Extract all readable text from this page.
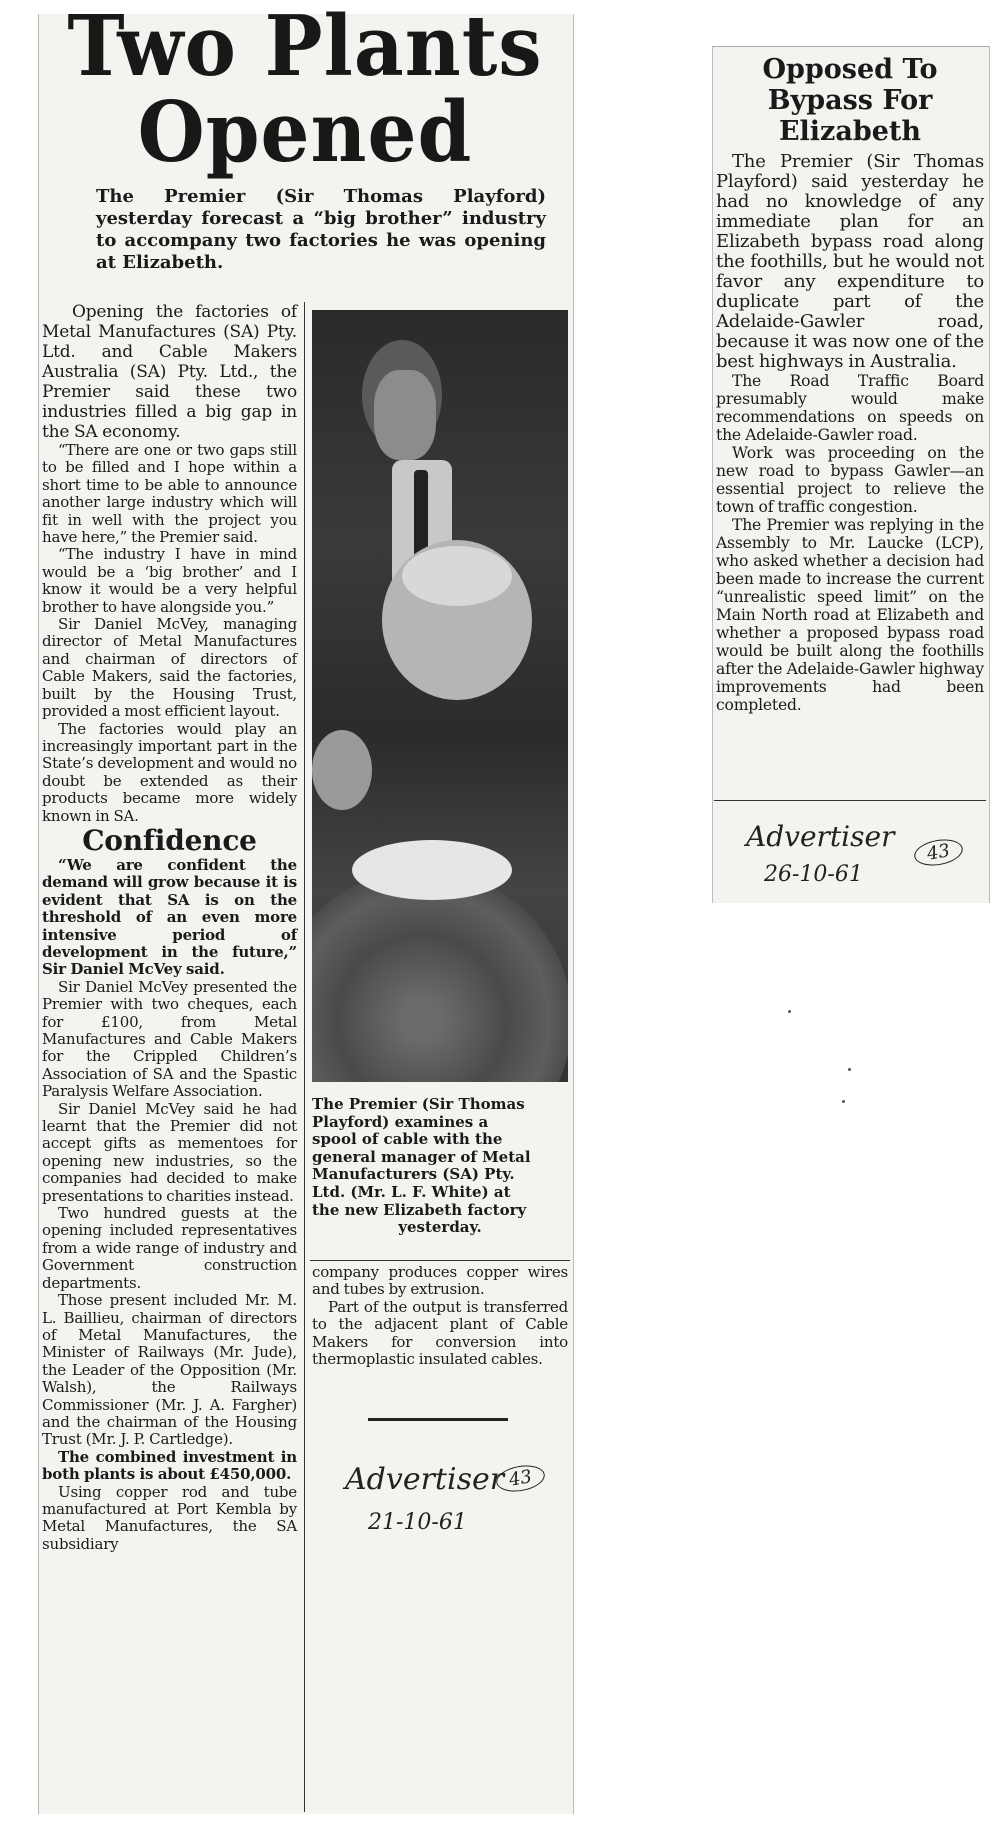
Two Plants
Opened

The Premier (Sir Thomas Playford) yesterday forecast a “big brother” industry to accompany two factories he was opening at Elizabeth.

Opening the factories of Metal Manufactures (SA) Pty. Ltd. and Cable Makers Australia (SA) Pty. Ltd., the Premier said these two industries filled a big gap in the SA economy.

“There are one or two gaps still to be filled and I hope within a short time to be able to announce another large industry which will fit in well with the project you have here,” the Premier said.

“The industry I have in mind would be a ‘big brother’ and I know it would be a very helpful brother to have alongside you.”

Sir Daniel McVey, managing director of Metal Manufactures and chairman of directors of Cable Makers, said the factories, built by the Housing Trust, provided a most efficient layout.

The factories would play an increasingly important part in the State’s development and would no doubt be extended as their products became more widely known in SA.

Confidence

“We are confident the demand will grow because it is evident that SA is on the threshold of an even more intensive period of development in the future,” Sir Daniel McVey said.

Sir Daniel McVey presented the Premier with two cheques, each for £100, from Metal Manufactures and Cable Makers for the Crippled Children’s Association of SA and the Spastic Paralysis Welfare Association.

Sir Daniel McVey said he had learnt that the Premier did not accept gifts as mementoes for opening new industries, so the companies had decided to make presentations to charities instead.

Two hundred guests at the opening included representatives from a wide range of industry and Government construction departments.

Those present included Mr. M. L. Baillieu, chairman of directors of Metal Manufactures, the Minister of Railways (Mr. Jude), the Leader of the Opposition (Mr. Walsh), the Railways Commissioner (Mr. J. A. Fargher) and the chairman of the Housing Trust (Mr. J. P. Cartledge).

The combined investment in both plants is about £450,000.

Using copper rod and tube manufactured at Port Kembla by Metal Manufactures, the SA subsidiary

The Premier (Sir Thomas
Playford) examines a
spool of cable with the
general manager of Metal
Manufacturers (SA) Pty.
Ltd. (Mr. L. F. White) at
the new Elizabeth factory
yesterday.

company produces copper wires and tubes by extrusion.

Part of the output is transferred to the adjacent plant of Cable Makers for conversion into thermoplastic insulated cables.

Advertiser 43
21-10-61
Opposed To Bypass For Elizabeth

The Premier (Sir Thomas Playford) said yesterday he had no knowledge of any immediate plan for an Elizabeth bypass road along the foothills, but he would not favor any expenditure to duplicate part of the Adelaide-Gawler road, because it was now one of the best highways in Australia.

The Road Traffic Board presumably would make recommendations on speeds on the Adelaide-Gawler road.

Work was proceeding on the new road to bypass Gawler—an essential project to relieve the town of traffic congestion.

The Premier was replying in the Assembly to Mr. Laucke (LCP), who asked whether a decision had been made to increase the current “unrealistic speed limit” on the Main North road at Elizabeth and whether a proposed bypass road would be built along the foothills after the Adelaide-Gawler highway improvements had been completed.

Advertiser	43
26-10-61
